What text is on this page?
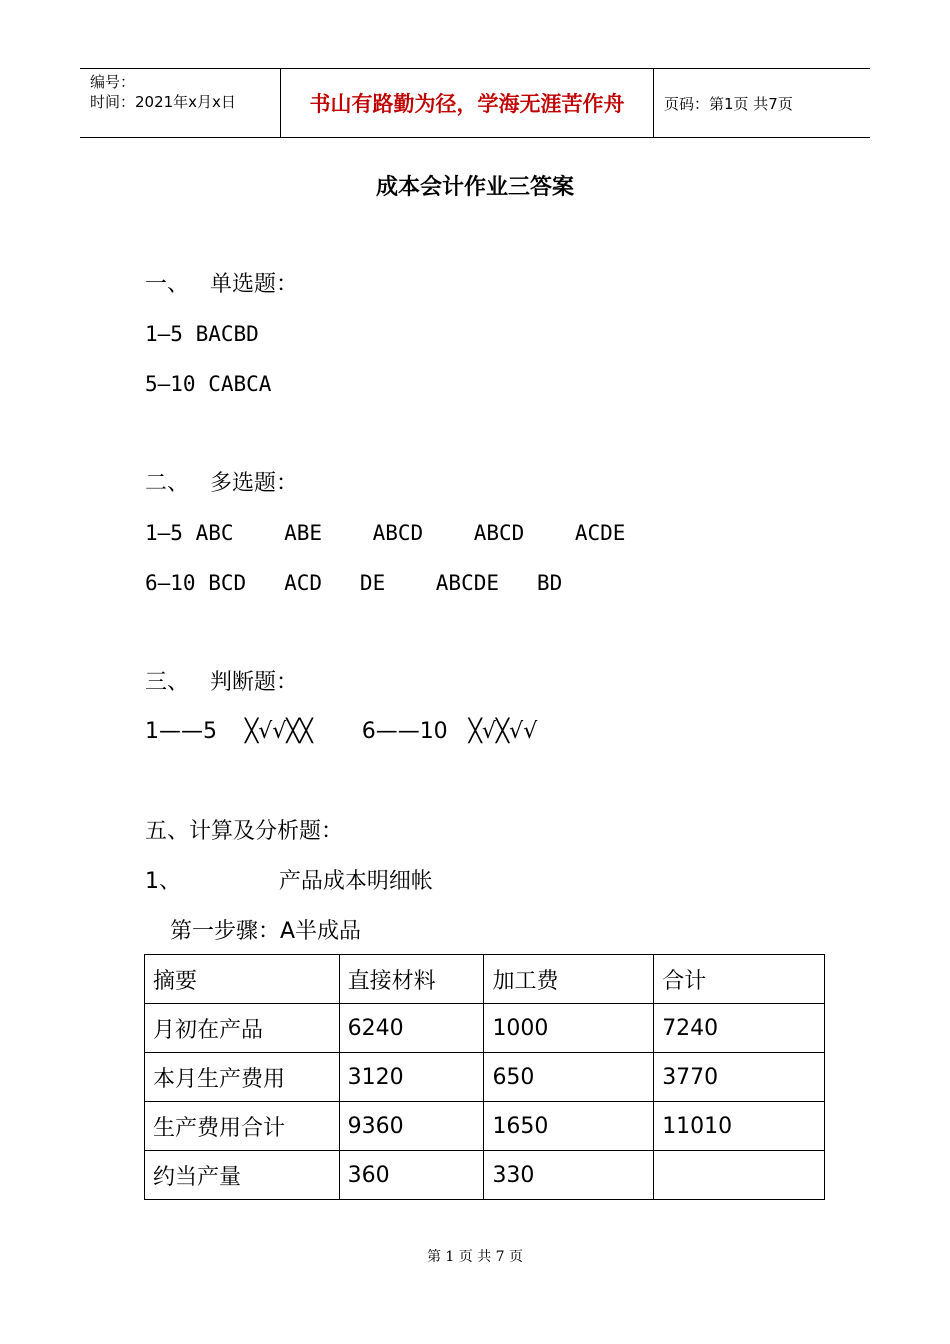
编号：
时间：2021年x月x日	书山有路勤为径，学海无涯苦作舟	页码：第1页 共7页
成本会计作业三答案
一、   单选题：
1—5 BACBD
5—10 CABCA
二、   多选题：
1—5 ABC    ABE    ABCD    ABCD    ACDE
6—10 BCD   ACD   DE    ABCDE   BD
三、   判断题：
1——5    ╳√√╳╳       6——10   ╳√╳√√
五、计算及分析题：
1、              产品成本明细帐
第一步骤：A半成品
摘要	直接材料	加工费	合计
月初在产品	6240	1000	7240
本月生产费用	3120	650	3770
生产费用合计	9360	1650	11010
约当产量	360	330	
第 1 页 共 7 页
